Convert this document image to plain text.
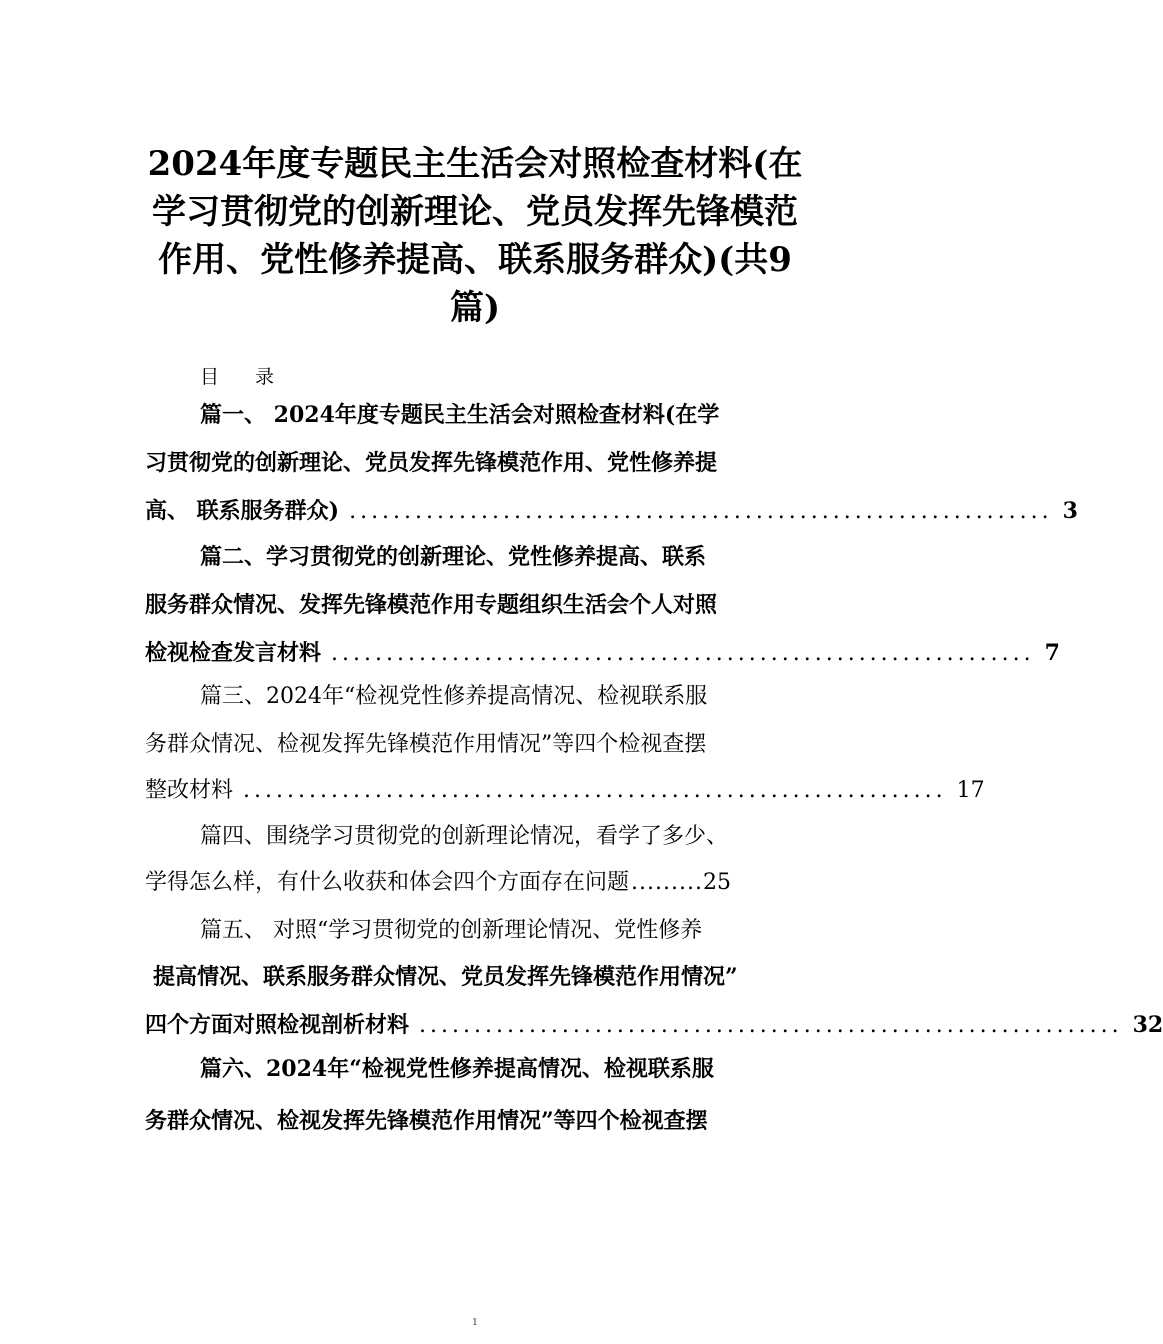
2024年度专题民主生活会对照检查材料(在
学习贯彻党的创新理论、党员发挥先锋模范
作用、党性修养提高、联系服务群众)(共9
篇)
目 录
篇一、 2024年度专题民主生活会对照检查材料(在学
习贯彻党的创新理论、党员发挥先锋模范作用、党性修养提
高、 联系服务群众) ................................................................ 3
篇二、学习贯彻党的创新理论、党性修养提高、联系
服务群众情况、发挥先锋模范作用专题组织生活会个人对照
检视检查发言材料 ................................................................ 7
篇三、2024年“检视党性修养提高情况、检视联系服
务群众情况、检视发挥先锋模范作用情况”等四个检视查摆
整改材料 ................................................................ 17
篇四、围绕学习贯彻党的创新理论情况，看学了多少、
学得怎么样，有什么收获和体会四个方面存在问题 ......... 25
篇五、 对照“学习贯彻党的创新理论情况、党性修养
提高情况、联系服务群众情况、党员发挥先锋模范作用情况”
四个方面对照检视剖析材料 ................................................................ 32
篇六、2024年“检视党性修养提高情况、检视联系服
务群众情况、检视发挥先锋模范作用情况”等四个检视查摆
1
